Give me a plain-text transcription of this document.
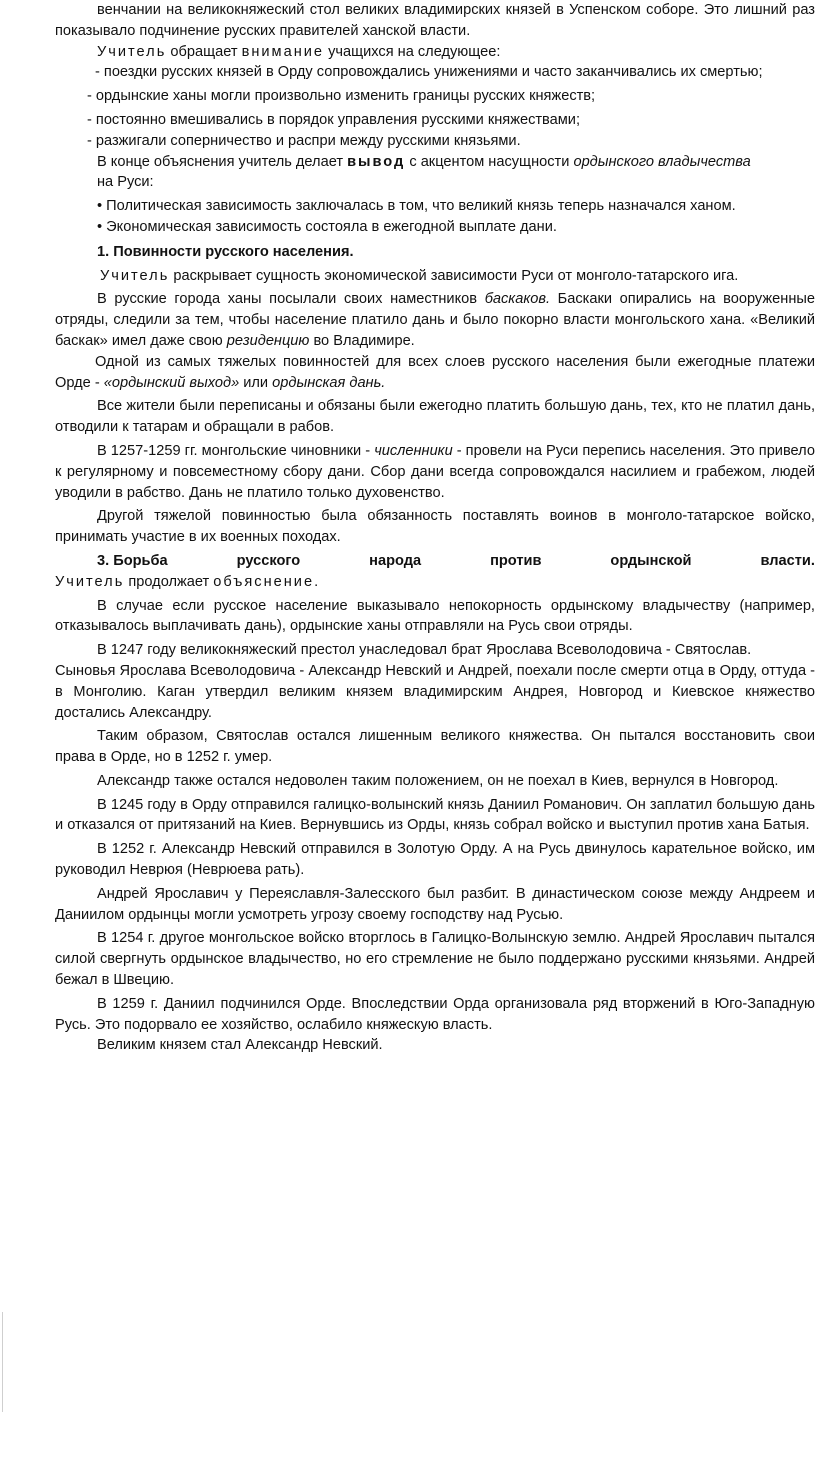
венчании на великокняжеский стол великих владимирских князей в Успенском соборе. Это лишний раз показывало подчинение русских правителей ханской власти.

Учитель обращает внимание учащихся на следующее:

- поездки русских князей в Орду сопровождались унижениями и часто заканчивались их смертью;

- ордынские ханы могли произвольно изменить границы русских княжеств;

- постоянно вмешивались в порядок управления русскими княжествами;

- разжигали соперничество и распри между русскими князьями.

В конце объяснения учитель делает вывод с акцентом насущности ордынского владычества
на Руси:

• Политическая зависимость заключалась в том, что великий князь теперь назначался ханом.

• Экономическая зависимость состояла в ежегодной выплате дани.

1. Повинности русского населения.

Учитель раскрывает сущность экономической зависимости Руси от монголо-татарского ига.

В русские города ханы посылали своих наместников баскаков. Баскаки опирались на вооруженные отряды, следили за тем, чтобы население платило дань и было покорно власти монгольского хана. «Великий баскак» имел даже свою резиденцию во Владимире.

Одной из самых тяжелых повинностей для всех слоев русского населения были ежегодные платежи Орде - «ордынский выход» или ордынская дань.

Все жители были переписаны и обязаны были ежегодно платить большую дань, тех, кто не платил дань, отводили к татарам и обращали в рабов.

В 1257-1259 гг. монгольские чиновники - численники - провели на Руси перепись населения. Это привело к регулярному и повсеместному сбору дани. Сбор дани всегда сопровождался насилием и грабежом, людей уводили в рабство. Дань не платило только духовенство.

Другой тяжелой повинностью была обязанность поставлять воинов в монголо-татарское войско, принимать участие в их военных походах.

3. Борьба	русского	народа	против	ордынской	власти.

Учитель продолжает объяснение.

В случае если русское население выказывало непокорность ордынскому владычеству (например, отказывалось выплачивать дань), ордынские ханы отправляли на Русь свои отряды.

В 1247 году великокняжеский престол унаследовал брат Ярослава Всеволодовича - Святослав.

Сыновья Ярослава Всеволодовича - Александр Невский и Андрей, поехали после смерти отца в Орду, оттуда - в Монголию. Каган утвердил великим князем владимирским Андрея, Новгород и Киевское княжество достались Александру.

Таким образом, Святослав остался лишенным великого княжества. Он пытался восстановить свои права в Орде, но в 1252 г. умер.

Александр также остался недоволен таким положением, он не поехал в Киев, вернулся в Новгород.

В 1245 году в Орду отправился галицко-волынский князь Даниил Романович. Он заплатил большую дань и отказался от притязаний на Киев. Вернувшись из Орды, князь собрал войско и выступил против хана Батыя.

В 1252 г. Александр Невский отправился в Золотую Орду. А на Русь двинулось карательное войско, им руководил Неврюя (Неврюева рать).

Андрей Ярославич у Переяславля-Залесского был разбит. В династическом союзе между Андреем и Даниилом ордынцы могли усмотреть угрозу своему господству над Русью.

В 1254 г. другое монгольское войско вторглось в Галицко-Волынскую землю. Андрей Ярославич пытался силой свергнуть ордынское владычество, но его стремление не было поддержано русскими князьями. Андрей бежал в Швецию.

В 1259 г. Даниил подчинился Орде. Впоследствии Орда организовала ряд вторжений в Юго-Западную Русь. Это подорвало ее хозяйство, ослабило княжескую власть.

Великим князем стал Александр Невский.
